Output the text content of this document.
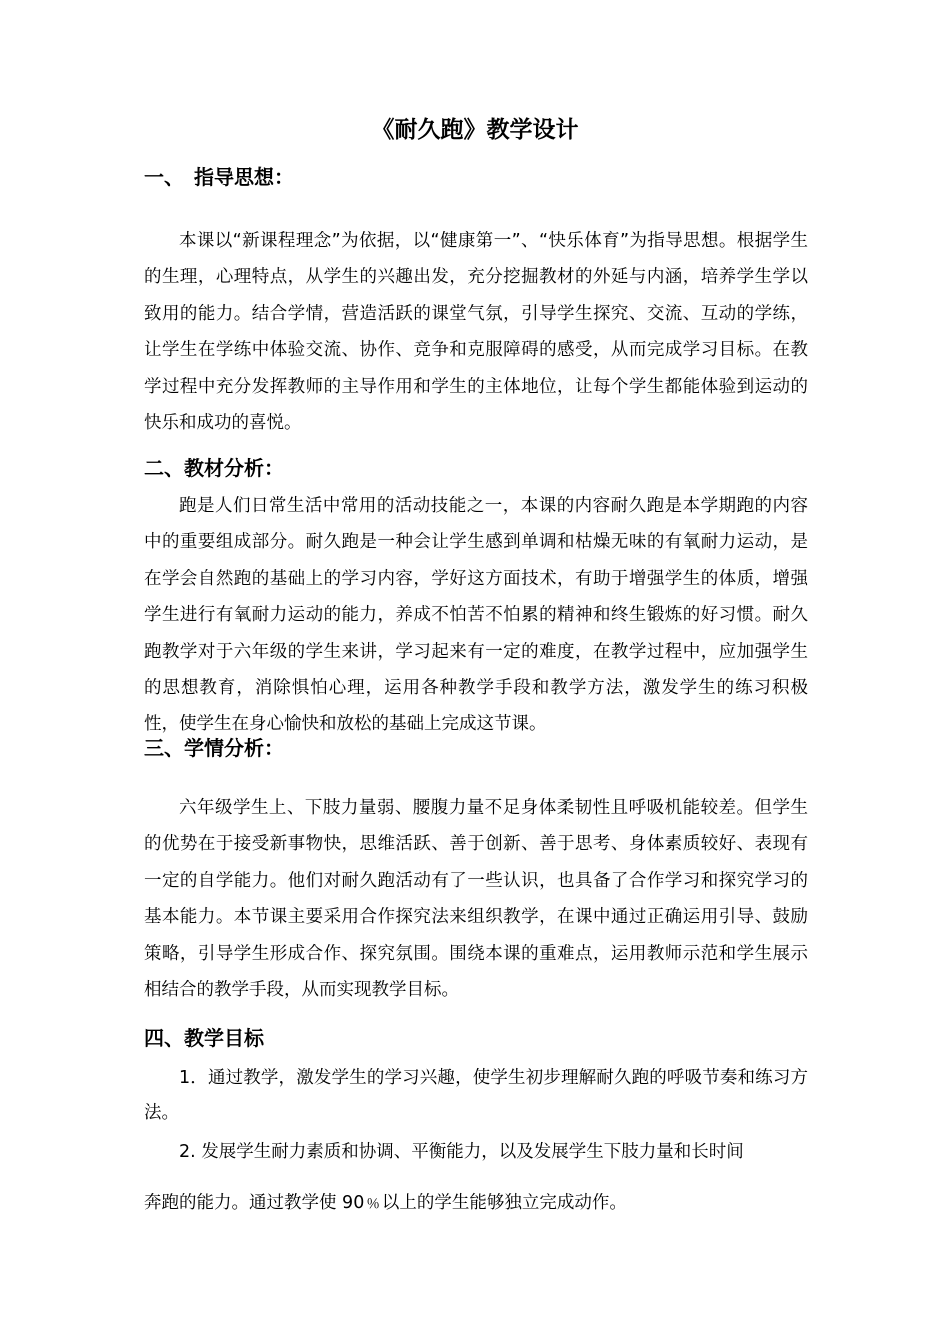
《耐久跑》教学设计
一、　指导思想：

本课以“新课程理念”为依据，以“健康第一”、“快乐体育”为指导思想。根据学生的生理，心理特点，从学生的兴趣出发，充分挖掘教材的外延与内涵，培养学生学以致用的能力。结合学情，营造活跃的课堂气氛，引导学生探究、交流、互动的学练，让学生在学练中体验交流、协作、竞争和克服障碍的感受，从而完成学习目标。在教学过程中充分发挥教师的主导作用和学生的主体地位，让每个学生都能体验到运动的快乐和成功的喜悦。

二、教材分析：

跑是人们日常生活中常用的活动技能之一，本课的内容耐久跑是本学期跑的内容中的重要组成部分。耐久跑是一种会让学生感到单调和枯燥无味的有氧耐力运动，是在学会自然跑的基础上的学习内容，学好这方面技术，有助于增强学生的体质，增强学生进行有氧耐力运动的能力，养成不怕苦不怕累的精神和终生锻炼的好习惯。耐久跑教学对于六年级的学生来讲，学习起来有一定的难度，在教学过程中，应加强学生的思想教育，消除惧怕心理，运用各种教学手段和教学方法，激发学生的练习积极性，使学生在身心愉快和放松的基础上完成这节课。

三、学情分析：

六年级学生上、下肢力量弱、腰腹力量不足身体柔韧性且呼吸机能较差。但学生的优势在于接受新事物快，思维活跃、善于创新、善于思考、身体素质较好、表现有一定的自学能力。他们对耐久跑活动有了一些认识，也具备了合作学习和探究学习的基本能力。本节课主要采用合作探究法来组织教学，在课中通过正确运用引导、鼓励策略，引导学生形成合作、探究氛围。围绕本课的重难点，运用教师示范和学生展示相结合的教学手段，从而实现教学目标。

四、教学目标

1．通过教学，激发学生的学习兴趣，使学生初步理解耐久跑的呼吸节奏和练习方法。

2. 发展学生耐力素质和协调、平衡能力，以及发展学生下肢力量和长时间

奔跑的能力。通过教学使 90﹪以上的学生能够独立完成动作。
